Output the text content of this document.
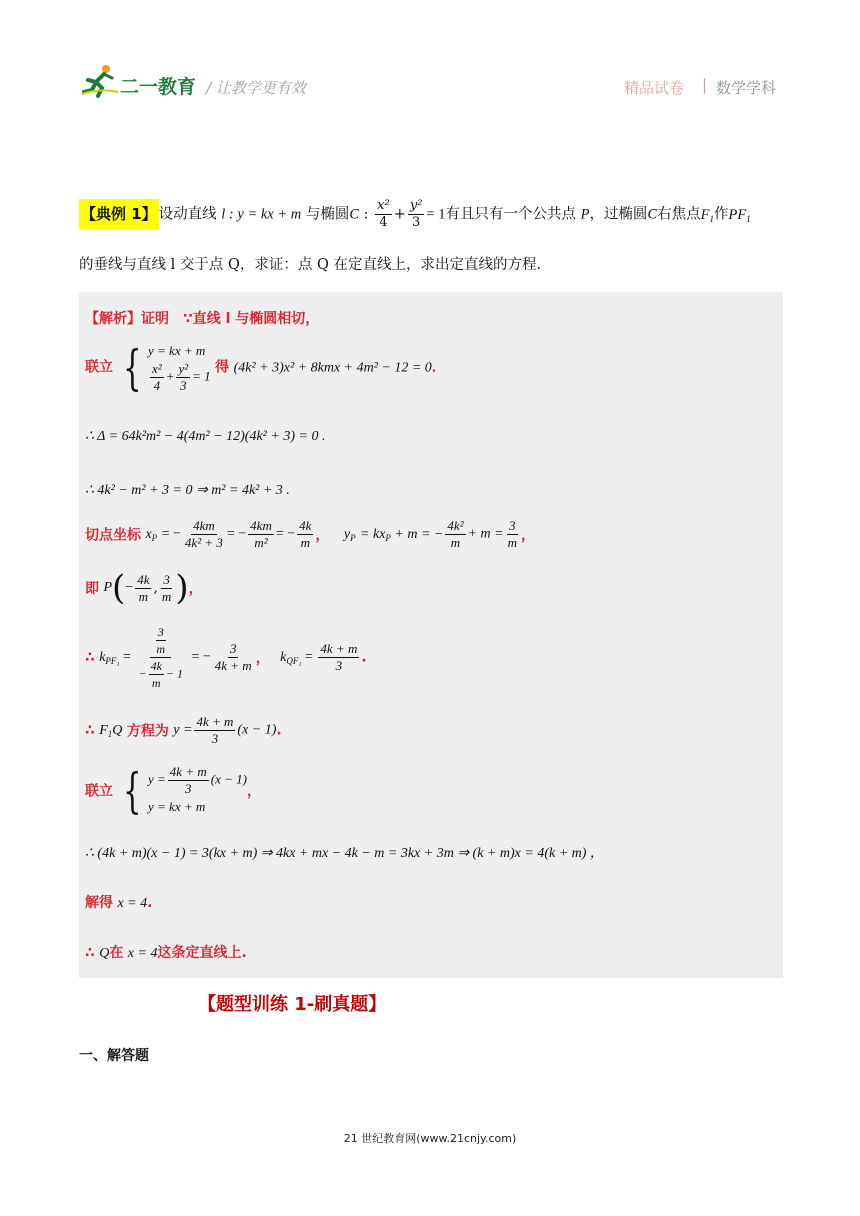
二一教育 / 让教学更有效	精品试卷 | 数学学科
【典例 1】 设动直线 l : y = kx + m 与椭圆C : $\frac{\text{x²}}{4} + \frac{\text{y²}}{3} = 1$有且只有一个公共点 P，过椭圆C右焦点$F_1$作$PF_1$
的垂线与直线 l 交于点 Q，求证：点 Q 在定直线上，求出定直线的方程.
【解析】证明　∵直线 l 与椭圆相切，
联立 { y = kx + m
$\frac{\text{x²}}{4} + \frac{\text{y²}}{3} = 1$
得 (4k² + 3)x² + 8kmx + 4m² − 12 = 0．
∴ Δ = 64k²m² − 4(4m² − 12)(4k² + 3) = 0 .
∴ 4k² − m² + 3 = 0 ⇒ m² = 4k² + 3 .
切点坐标 $x_P$ = − $\frac{4km}{\text{4k² + 3}}$ = − $\frac{4km}{\text{m²}}$ = − $\frac{4k}{m}$ ， $y_P = kx_P + m$ = − $\frac{\text{4k²}}{m} + m = \frac{3}{m}$ ，
即 $P(- \frac{4k}{m}$ , $\frac{3}{m}$ )，
∴ $k_{PF_1} = \frac{\frac{3}{m}}{- \frac{4k}{m} - 1}$ = − $\frac{3}{4k + m}$ ， $k_{QF_1} = \frac{4k + m}{3}$ .
∴ $F_1Q$ 方程为 $y = \frac{4k + m}{3} (x - 1)$.
联立 { $y = \frac{4k + m}{3} (x - 1)$
y = kx + m
，
∴ (4k + m)(x − 1) = 3(kx + m) ⇒ 4kx + mx − 4k − m = 3kx + 3m ⇒ (k + m)x = 4(k + m) ，
解得 x = 4.
∴ Q在 x = 4这条定直线上.
【题型训练 1-刷真题】
一、解答题
21 世纪教育网(www.21cnjy.com)
